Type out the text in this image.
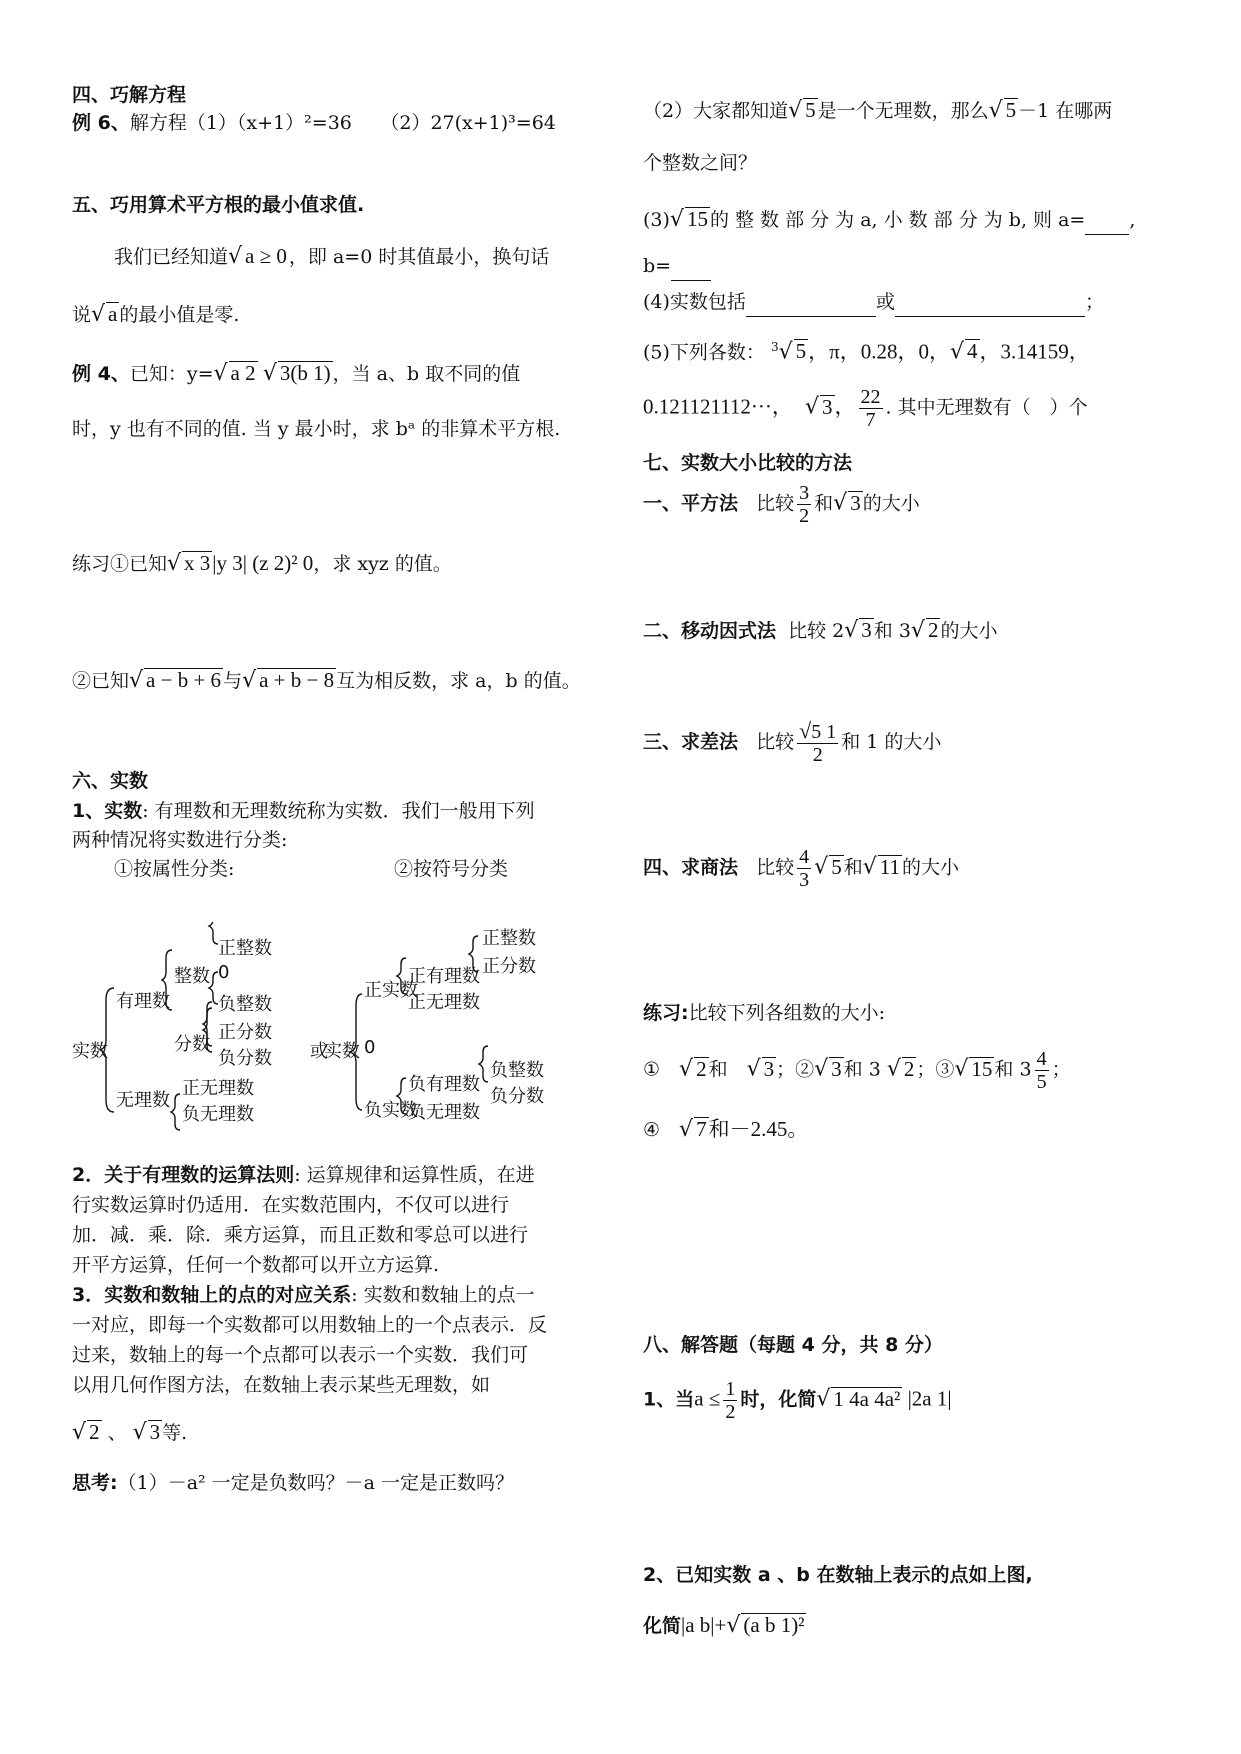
四、巧解方程
例 6、解方程（1）（x+1）²=36　　（2）27(x+1)³=64
五、巧用算术平方根的最小值求值.
我们已经知道√ a ≥ 0 ，即 a=0 时其值最小，换句话
说√ a 的最小值是零.
例 4、已知：y=√ a 2 √ 3(b 1) ，当 a、b 取不同的值
时，y 也有不同的值. 当 y 最小时，求 bᵃ 的非算术平方根.
练习①已知√ x 3|y 3| (z 2)² 0，求 xyz 的值。
②已知√ a − b + 6 与√ a + b − 8 互为相反数，求 a，b 的值。
六、实数
1、实数: 有理数和无理数统称为实数．我们一般用下列
两种情况将实数进行分类:
①按属性分类:	②按符号分类
实数
有理数
整数
正整数
0
负整数
分数
正分数
负分数
无理数
正无理数
负无理数
或
实数
正实数
正有理数
正整数
正分数
正无理数
0
负实数
负有理数
负整数
负分数
负无理数
2．关于有理数的运算法则: 运算规律和运算性质，在进
行实数运算时仍适用．在实数范围内，不仅可以进行
加．减．乘．除．乘方运算，而且正数和零总可以进行
开平方运算，任何一个数都可以开立方运算.
3．实数和数轴上的点的对应关系: 实数和数轴上的点一
一对应，即每一个实数都可以用数轴上的一个点表示．反
过来，数轴上的每一个点都可以表示一个实数．我们可
以用几何作图方法，在数轴上表示某些无理数，如
√ 2 、 √ 3 等.
思考:（1）－a² 一定是负数吗？－a 一定是正数吗？
（2）大家都知道√ 5 是一个无理数，那么√ 5 －1 在哪两
个整数之间？
(3)√ 15 的 整 数 部 分 为 a, 小 数 部 分 为 b, 则 a= ,
b=
(4)实数包括	或	；
(5)下列各数： $^3$√ 5，π，0.28，0，√ 4，3.14159，
0.121121112···， √ 3， $\frac{22}{7}$ . 其中无理数有（　）个
七、实数大小比较的方法
一、平方法 比较 $\frac{3}{2}$ 和√ 3 的大小
二、移动因式法 比较 2√ 3 和 3√ 2 的大小
三、求差法 比较 $\frac{√5 1}{2}$ 和 1 的大小
四、求商法 比较 $\frac{4}{3}$ √ 5 和√ 11 的大小
练习:比较下列各组数的大小:
①　√ 2 和　√ 3 ；②√ 3 和 3 √ 2 ；③√ 15 和 $3 \frac{4}{5}$ ；
④　√ 7和－2.45。
八、解答题（每题 4 分，共 8 分）
1、当$a \le \frac{1}{2}$ 时，化简√ 1 4a 4a² |2a 1|
2、已知实数 a 、b 在数轴上表示的点如上图,
化简|a b|+√ (a b 1)²
